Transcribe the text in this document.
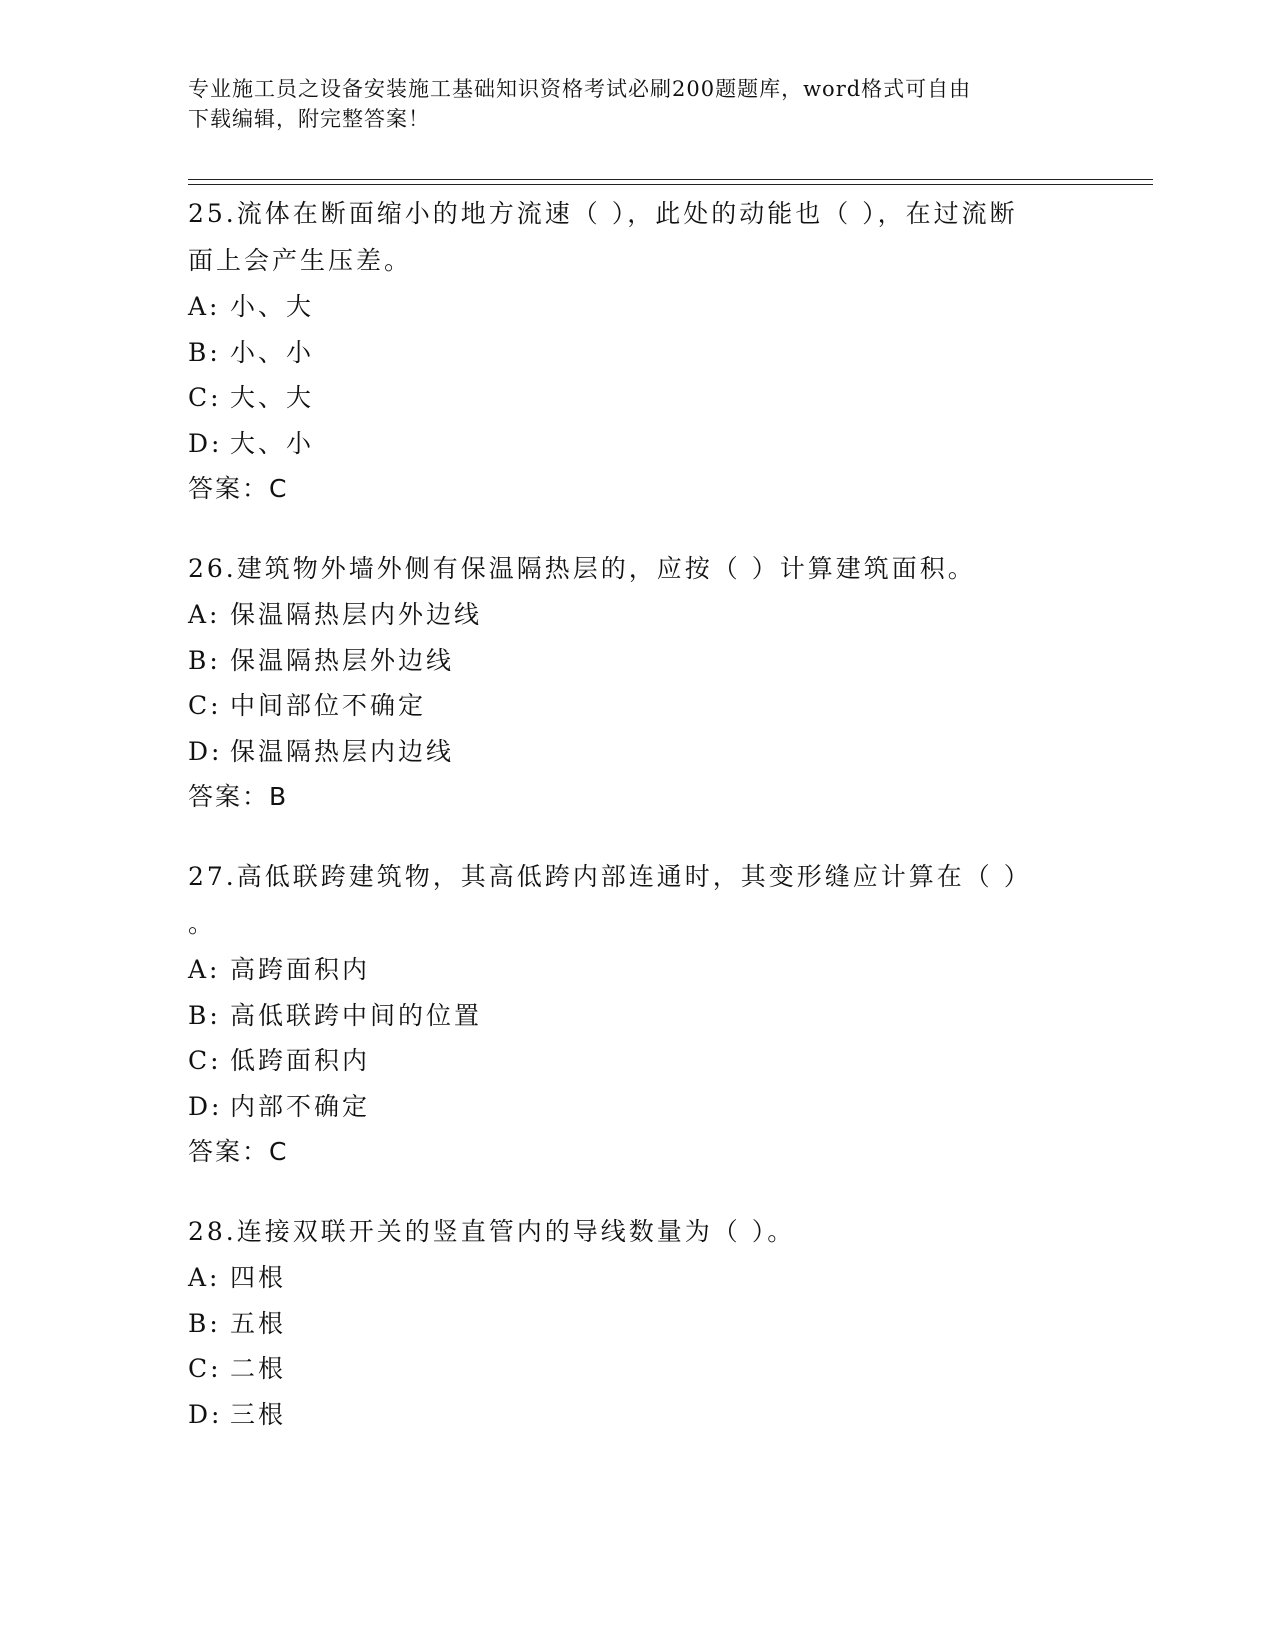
专业施工员之设备安装施工基础知识资格考试必刷200题题库，word格式可自由
下载编辑，附完整答案！
25.流体在断面缩小的地方流速（ ），此处的动能也（ ），在过流断
面上会产生压差。
A: 小、大
B: 小、小
C: 大、大
D: 大、小
答案：C
26.建筑物外墙外侧有保温隔热层的，应按（ ）计算建筑面积。
A: 保温隔热层内外边线
B: 保温隔热层外边线
C: 中间部位不确定
D: 保温隔热层内边线
答案：B
27.高低联跨建筑物，其高低跨内部连通时，其变形缝应计算在（ ）
。
A: 高跨面积内
B: 高低联跨中间的位置
C: 低跨面积内
D: 内部不确定
答案：C
28.连接双联开关的竖直管内的导线数量为（ ）。
A: 四根
B: 五根
C: 二根
D: 三根
